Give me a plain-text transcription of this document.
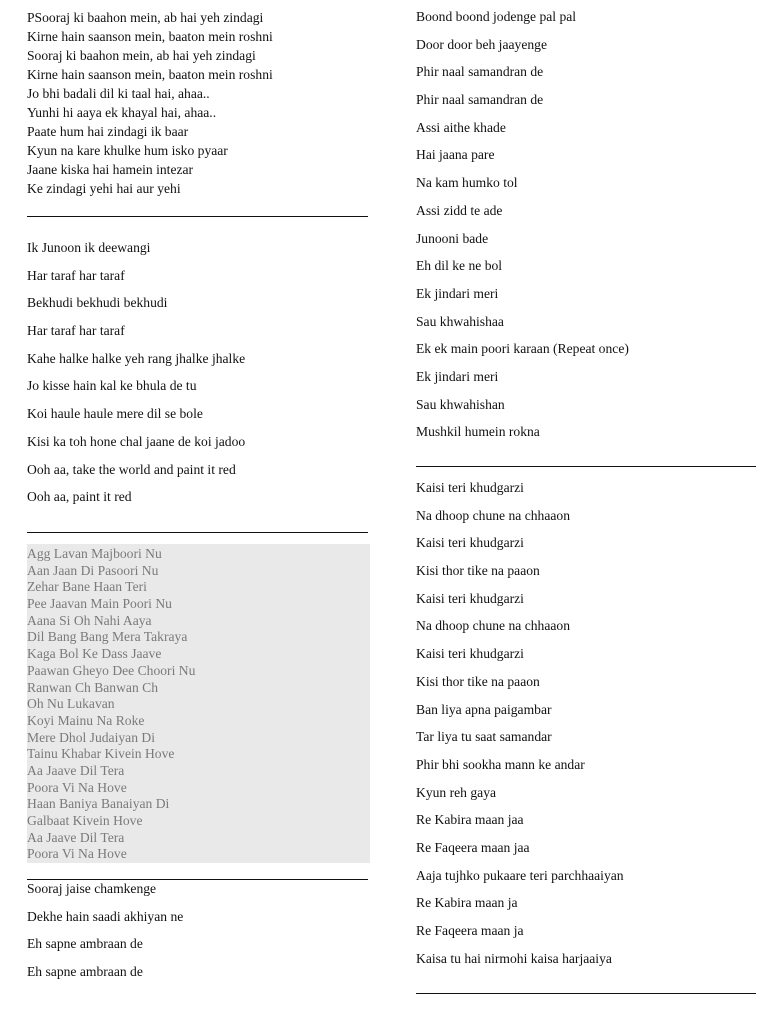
PSooraj ki baahon mein, ab hai yeh zindagi
Kirne hain saanson mein, baaton mein roshni
Sooraj ki baahon mein, ab hai yeh zindagi
Kirne hain saanson mein, baaton mein roshni
Jo bhi badali dil ki taal hai, ahaa..
Yunhi hi aaya ek khayal hai, ahaa..
Paate hum hai zindagi ik baar
Kyun na kare khulke hum isko pyaar
Jaane kiska hai hamein intezar
Ke zindagi yehi hai aur yehi
Ik Junoon ik deewangi
Har taraf har taraf
Bekhudi bekhudi bekhudi
Har taraf har taraf
Kahe halke halke yeh rang jhalke jhalke
Jo kisse hain kal ke bhula de tu
Koi haule haule mere dil se bole
Kisi ka toh hone chal jaane de koi jadoo
Ooh aa, take the world and paint it red
Ooh aa, paint it red
Agg Lavan Majboori Nu
Aan Jaan Di Pasoori Nu
Zehar Bane Haan Teri
Pee Jaavan Main Poori Nu
Aana Si Oh Nahi Aaya
Dil Bang Bang Mera Takraya
Kaga Bol Ke Dass Jaave
Paawan Gheyo Dee Choori Nu
Ranwan Ch Banwan Ch
Oh Nu Lukavan
Koyi Mainu Na Roke
Mere Dhol Judaiyan Di
Tainu Khabar Kivein Hove
Aa Jaave Dil Tera
Poora Vi Na Hove
Haan Baniya Banaiyan Di
Galbaat Kivein Hove
Aa Jaave Dil Tera
Poora Vi Na Hove
Sooraj jaise chamkenge
Dekhe hain saadi akhiyan ne
Eh sapne ambraan de
Eh sapne ambraan de
Boond boond jodenge pal pal
Door door beh jaayenge
Phir naal samandran de
Phir naal samandran de
Assi aithe khade
Hai jaana pare
Na kam humko tol
Assi zidd te ade
Junooni bade
Eh dil ke ne bol
Ek jindari meri
Sau khwahishaa
Ek ek main poori karaan (Repeat once)
Ek jindari meri
Sau khwahishan
Mushkil humein rokna
Kaisi teri khudgarzi
Na dhoop chune na chhaaon
Kaisi teri khudgarzi
Kisi thor tike na paaon
Kaisi teri khudgarzi
Na dhoop chune na chhaaon
Kaisi teri khudgarzi
Kisi thor tike na paaon
Ban liya apna paigambar
Tar liya tu saat samandar
Phir bhi sookha mann ke andar
Kyun reh gaya
Re Kabira maan jaa
Re Faqeera maan jaa
Aaja tujhko pukaare teri parchhaaiyan
Re Kabira maan ja
Re Faqeera maan ja
Kaisa tu hai nirmohi kaisa harjaaiya
